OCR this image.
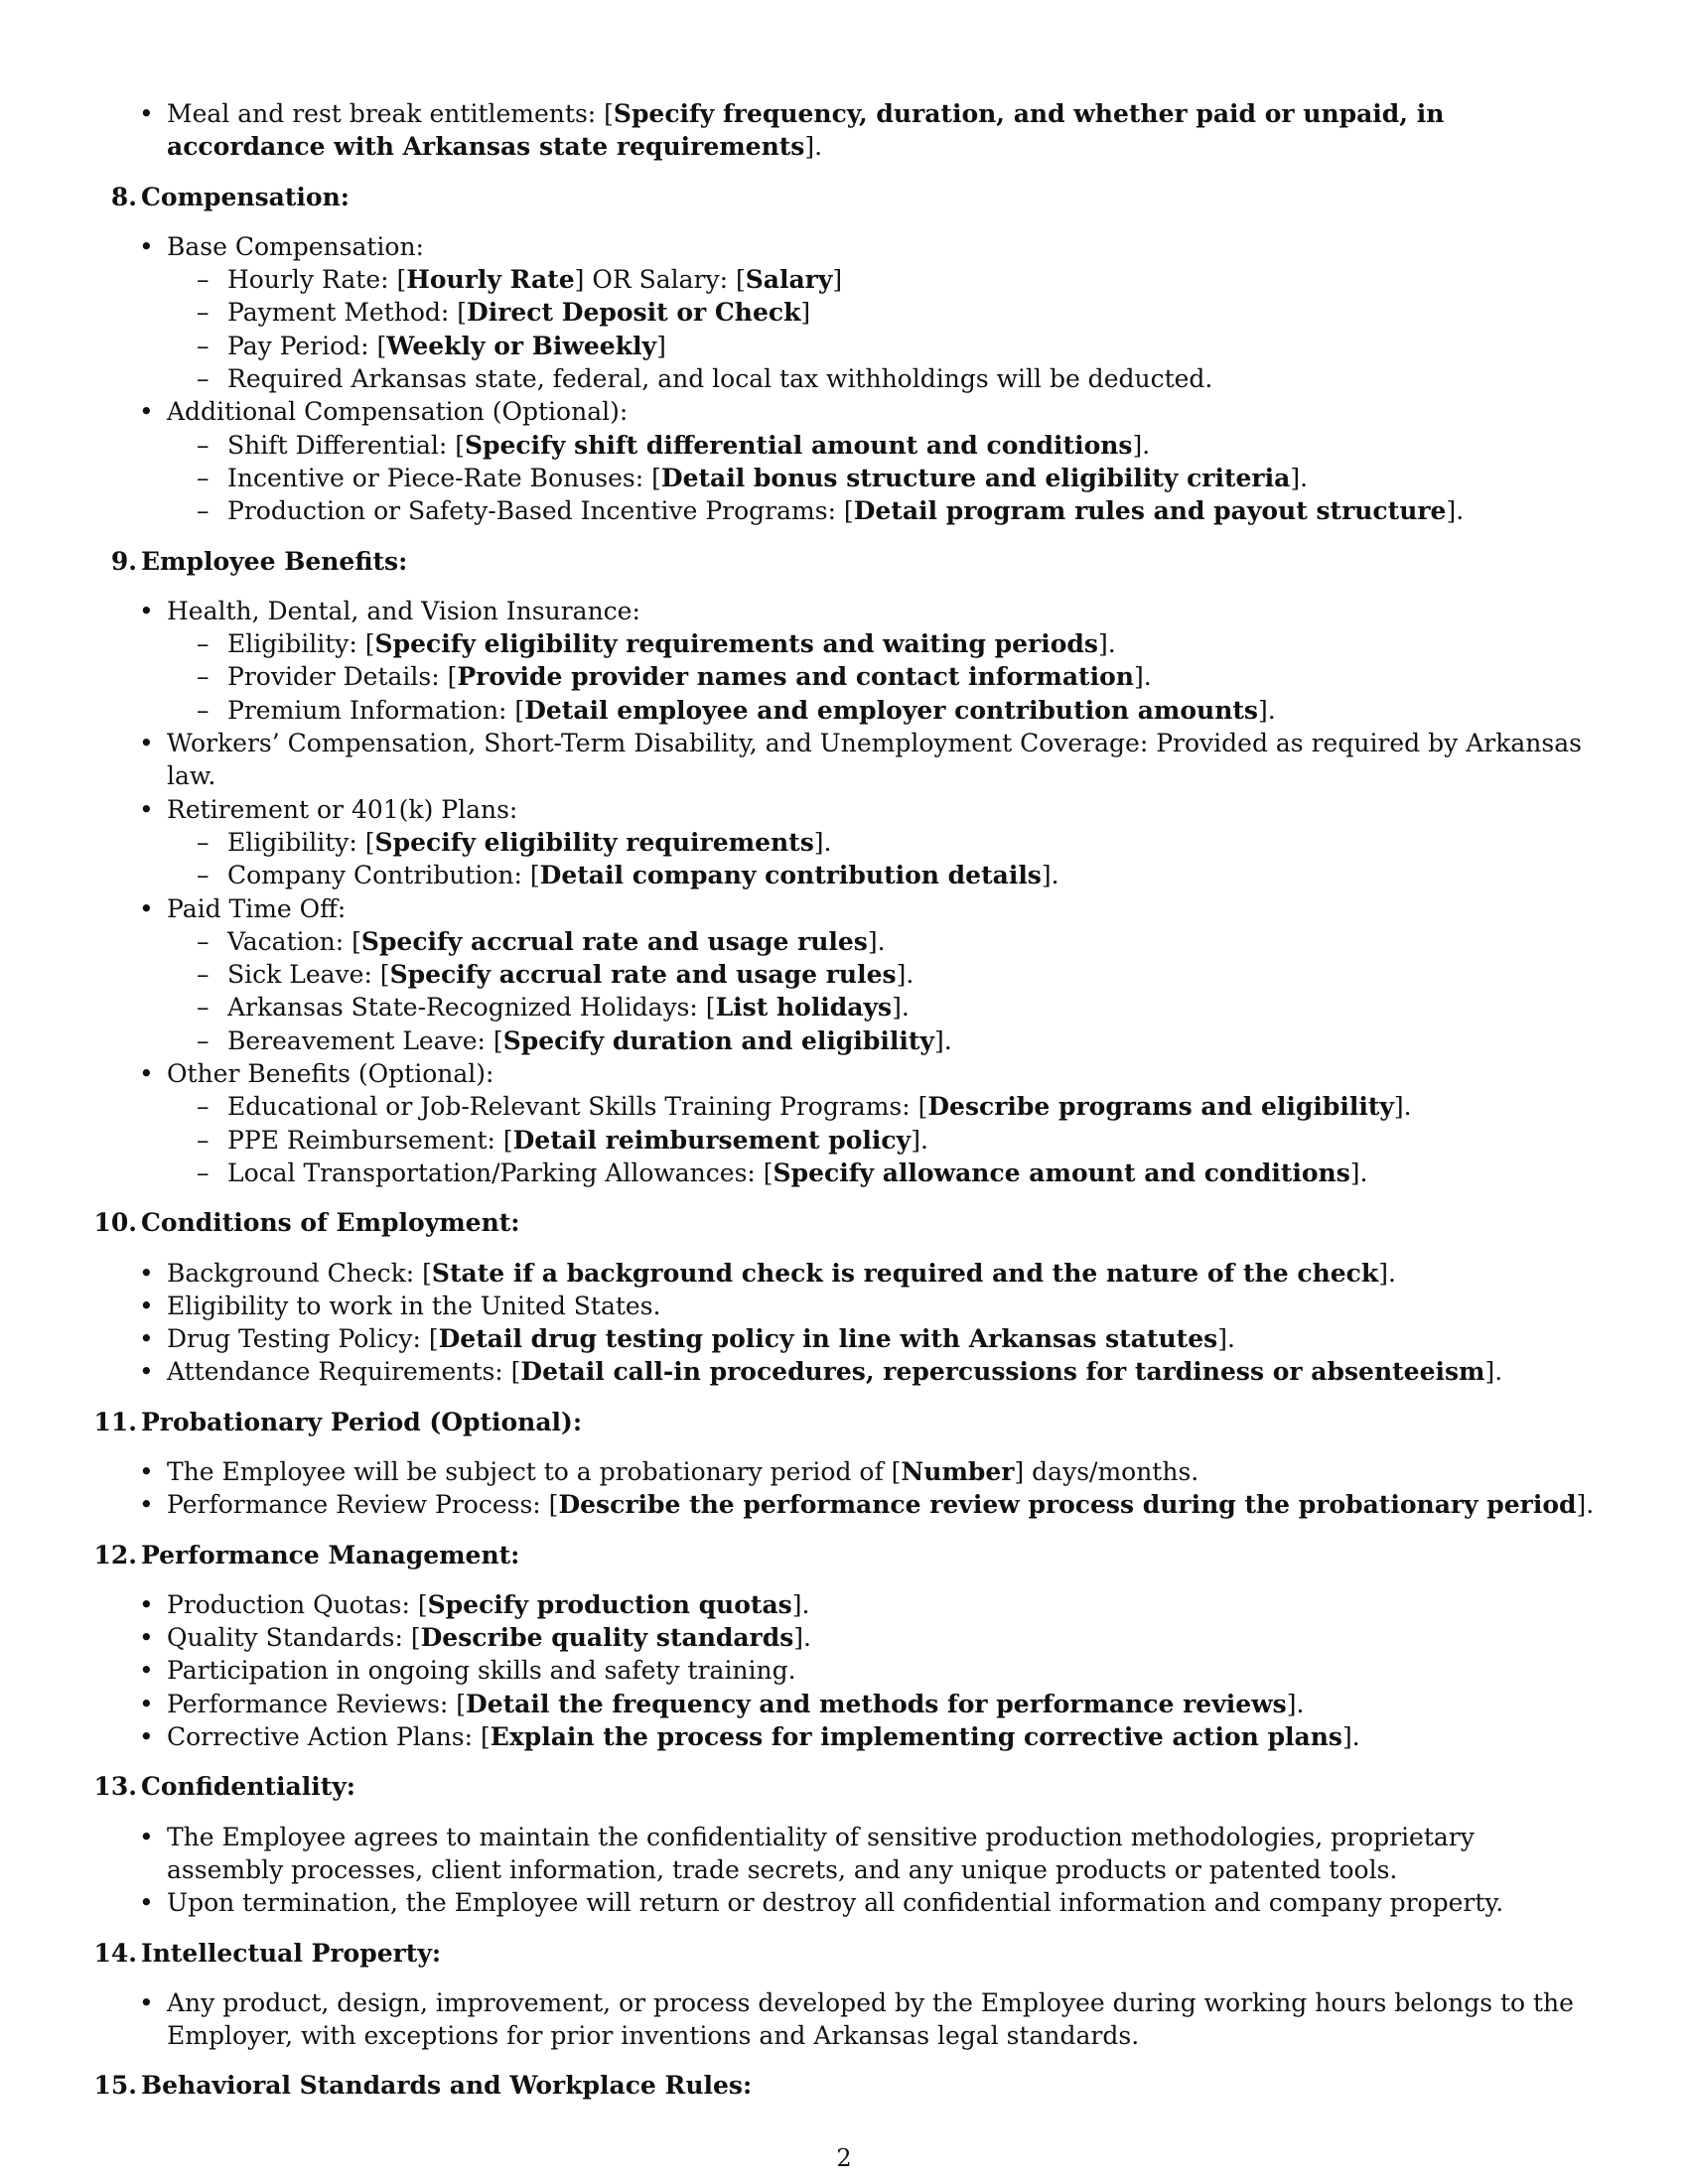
• Meal and rest break entitlements: [Specify frequency, duration, and whether paid or unpaid, in accordance with Arkansas state requirements].
8. Compensation:
• Base Compensation:
– Hourly Rate: [Hourly Rate] OR Salary: [Salary]
– Payment Method: [Direct Deposit or Check]
– Pay Period: [Weekly or Biweekly]
– Required Arkansas state, federal, and local tax withholdings will be deducted.
• Additional Compensation (Optional):
– Shift Differential: [Specify shift differential amount and conditions].
– Incentive or Piece-Rate Bonuses: [Detail bonus structure and eligibility criteria].
– Production or Safety-Based Incentive Programs: [Detail program rules and payout structure].
9. Employee Benefits:
• Health, Dental, and Vision Insurance:
– Eligibility: [Specify eligibility requirements and waiting periods].
– Provider Details: [Provide provider names and contact information].
– Premium Information: [Detail employee and employer contribution amounts].
• Workers’ Compensation, Short-Term Disability, and Unemployment Coverage: Provided as required by Arkansas law.
• Retirement or 401(k) Plans:
– Eligibility: [Specify eligibility requirements].
– Company Contribution: [Detail company contribution details].
• Paid Time Off:
– Vacation: [Specify accrual rate and usage rules].
– Sick Leave: [Specify accrual rate and usage rules].
– Arkansas State-Recognized Holidays: [List holidays].
– Bereavement Leave: [Specify duration and eligibility].
• Other Benefits (Optional):
– Educational or Job-Relevant Skills Training Programs: [Describe programs and eligibility].
– PPE Reimbursement: [Detail reimbursement policy].
– Local Transportation/Parking Allowances: [Specify allowance amount and conditions].
10. Conditions of Employment:
• Background Check: [State if a background check is required and the nature of the check].
• Eligibility to work in the United States.
• Drug Testing Policy: [Detail drug testing policy in line with Arkansas statutes].
• Attendance Requirements: [Detail call-in procedures, repercussions for tardiness or absenteeism].
11. Probationary Period (Optional):
• The Employee will be subject to a probationary period of [Number] days/months.
• Performance Review Process: [Describe the performance review process during the probationary period].
12. Performance Management:
• Production Quotas: [Specify production quotas].
• Quality Standards: [Describe quality standards].
• Participation in ongoing skills and safety training.
• Performance Reviews: [Detail the frequency and methods for performance reviews].
• Corrective Action Plans: [Explain the process for implementing corrective action plans].
13. Confidentiality:
• The Employee agrees to maintain the confidentiality of sensitive production methodologies, proprietary assembly processes, client information, trade secrets, and any unique products or patented tools.
• Upon termination, the Employee will return or destroy all confidential information and company property.
14. Intellectual Property:
• Any product, design, improvement, or process developed by the Employee during working hours belongs to the Employer, with exceptions for prior inventions and Arkansas legal standards.
15. Behavioral Standards and Workplace Rules:
2
